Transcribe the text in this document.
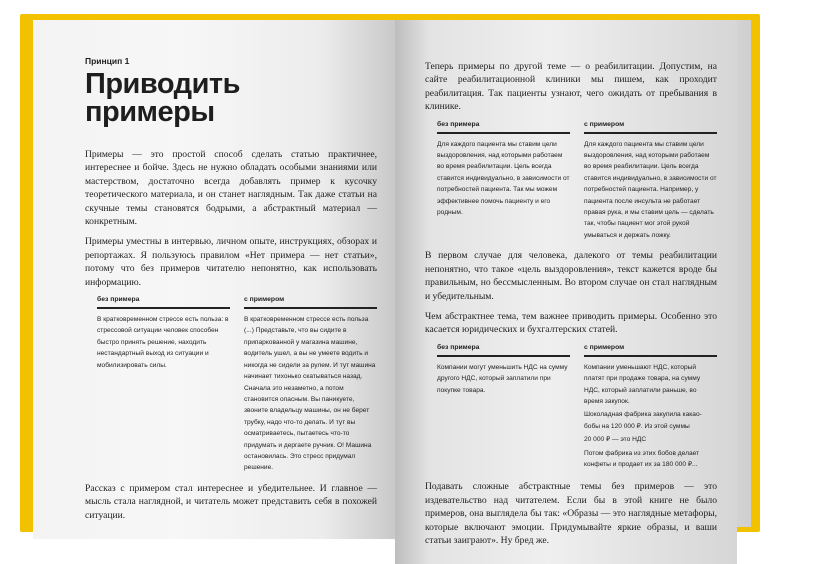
Принцип 1
Приводить
примеры

Примеры — это простой способ сделать статью практичнее, интереснее и бойче. Здесь не нужно обладать особыми знаниями или мастерством, достаточно всегда добавлять пример к кусочку теоретического материала, и он станет наглядным. Так даже статьи на скучные темы становятся бодрыми, а абстрактный материал — конкретным.

Примеры уместны в интервью, личном опыте, инструкциях, обзорах и репортажах. Я пользуюсь правилом «Нет примера — нет статьи», потому что без примеров читателю непонятно, как использовать информацию.

без примера
В кратковременном стрессе есть польза: в стрессовой ситуации человек способен быстро принять решение, находить нестандартный выход из ситуации и мобилизировать силы.
с примером
В кратковременном стрессе есть польза (...) Представьте, что вы сидите в припаркованной у магазина машине, водитель ушел, а вы не умеете водить и никогда не сидели за рулем. И тут машина начинает тихонько скатываться назад. Сначала это незаметно, а потом становится опасным. Вы паникуете, звоните владельцу машины, он не берет трубку, надо что-то делать. И тут вы осматриваетесь, пытаетесь что-то придумать и дергаете ручник. О! Машина остановилась. Это стресс придумал решение.

Рассказ с примером стал интереснее и убедительнее. И главное — мысль стала наглядной, и читатель может представить себя в похожей ситуации.

Теперь примеры по другой теме — о реабилитации. Допустим, на сайте реабилитационной клиники мы пишем, как проходит реабилитация. Так пациенты узнают, чего ожидать от пребывания в клинике.

без примера
Для каждого пациента мы ставим цели выздоровления, над которыми работаем во время реабилитации. Цель всегда ставится индивидуально, в зависимости от потребностей пациента. Так мы можем эффективнее помочь пациенту и его родным.
с примером
Для каждого пациента мы ставим цели выздоровления, над которыми работаем во время реабилитации. Цель всегда ставится индивидуально, в зависимости от потребностей пациента. Например, у пациента после инсульта не работает правая рука, и мы ставим цель — сделать так, чтобы пациент мог этой рукой умываться и держать ложку.

В первом случае для человека, далекого от темы реабилитации непонятно, что такое «цель выздоровления», текст кажется вроде бы правильным, но бессмысленным. Во втором случае он стал наглядным и убедительным.

Чем абстрактнее тема, тем важнее приводить примеры. Особенно это касается юридических и бухгалтерских статей.

без примера
Компании могут уменьшить НДС на сумму другого НДС, который заплатили при покупке товара.
с примером

Компании уменьшают НДС, который платят при продаже товара, на сумму НДС, который заплатили раньше, во время закупок.

Шоколадная фабрика закупила какао- бобы на 120 000 ₽. Из этой суммы

20 000 ₽ — это НДС

Потом фабрика из этих бобов делает конфеты и продает их за 180 000 ₽...

Подавать сложные абстрактные темы без примеров — это издевательство над читателем. Если бы в этой книге не было примеров, она выглядела бы так: «Образы — это наглядные метафоры, которые включают эмоции. Придумывайте яркие образы, и ваши статьи заиграют». Ну бред же.
